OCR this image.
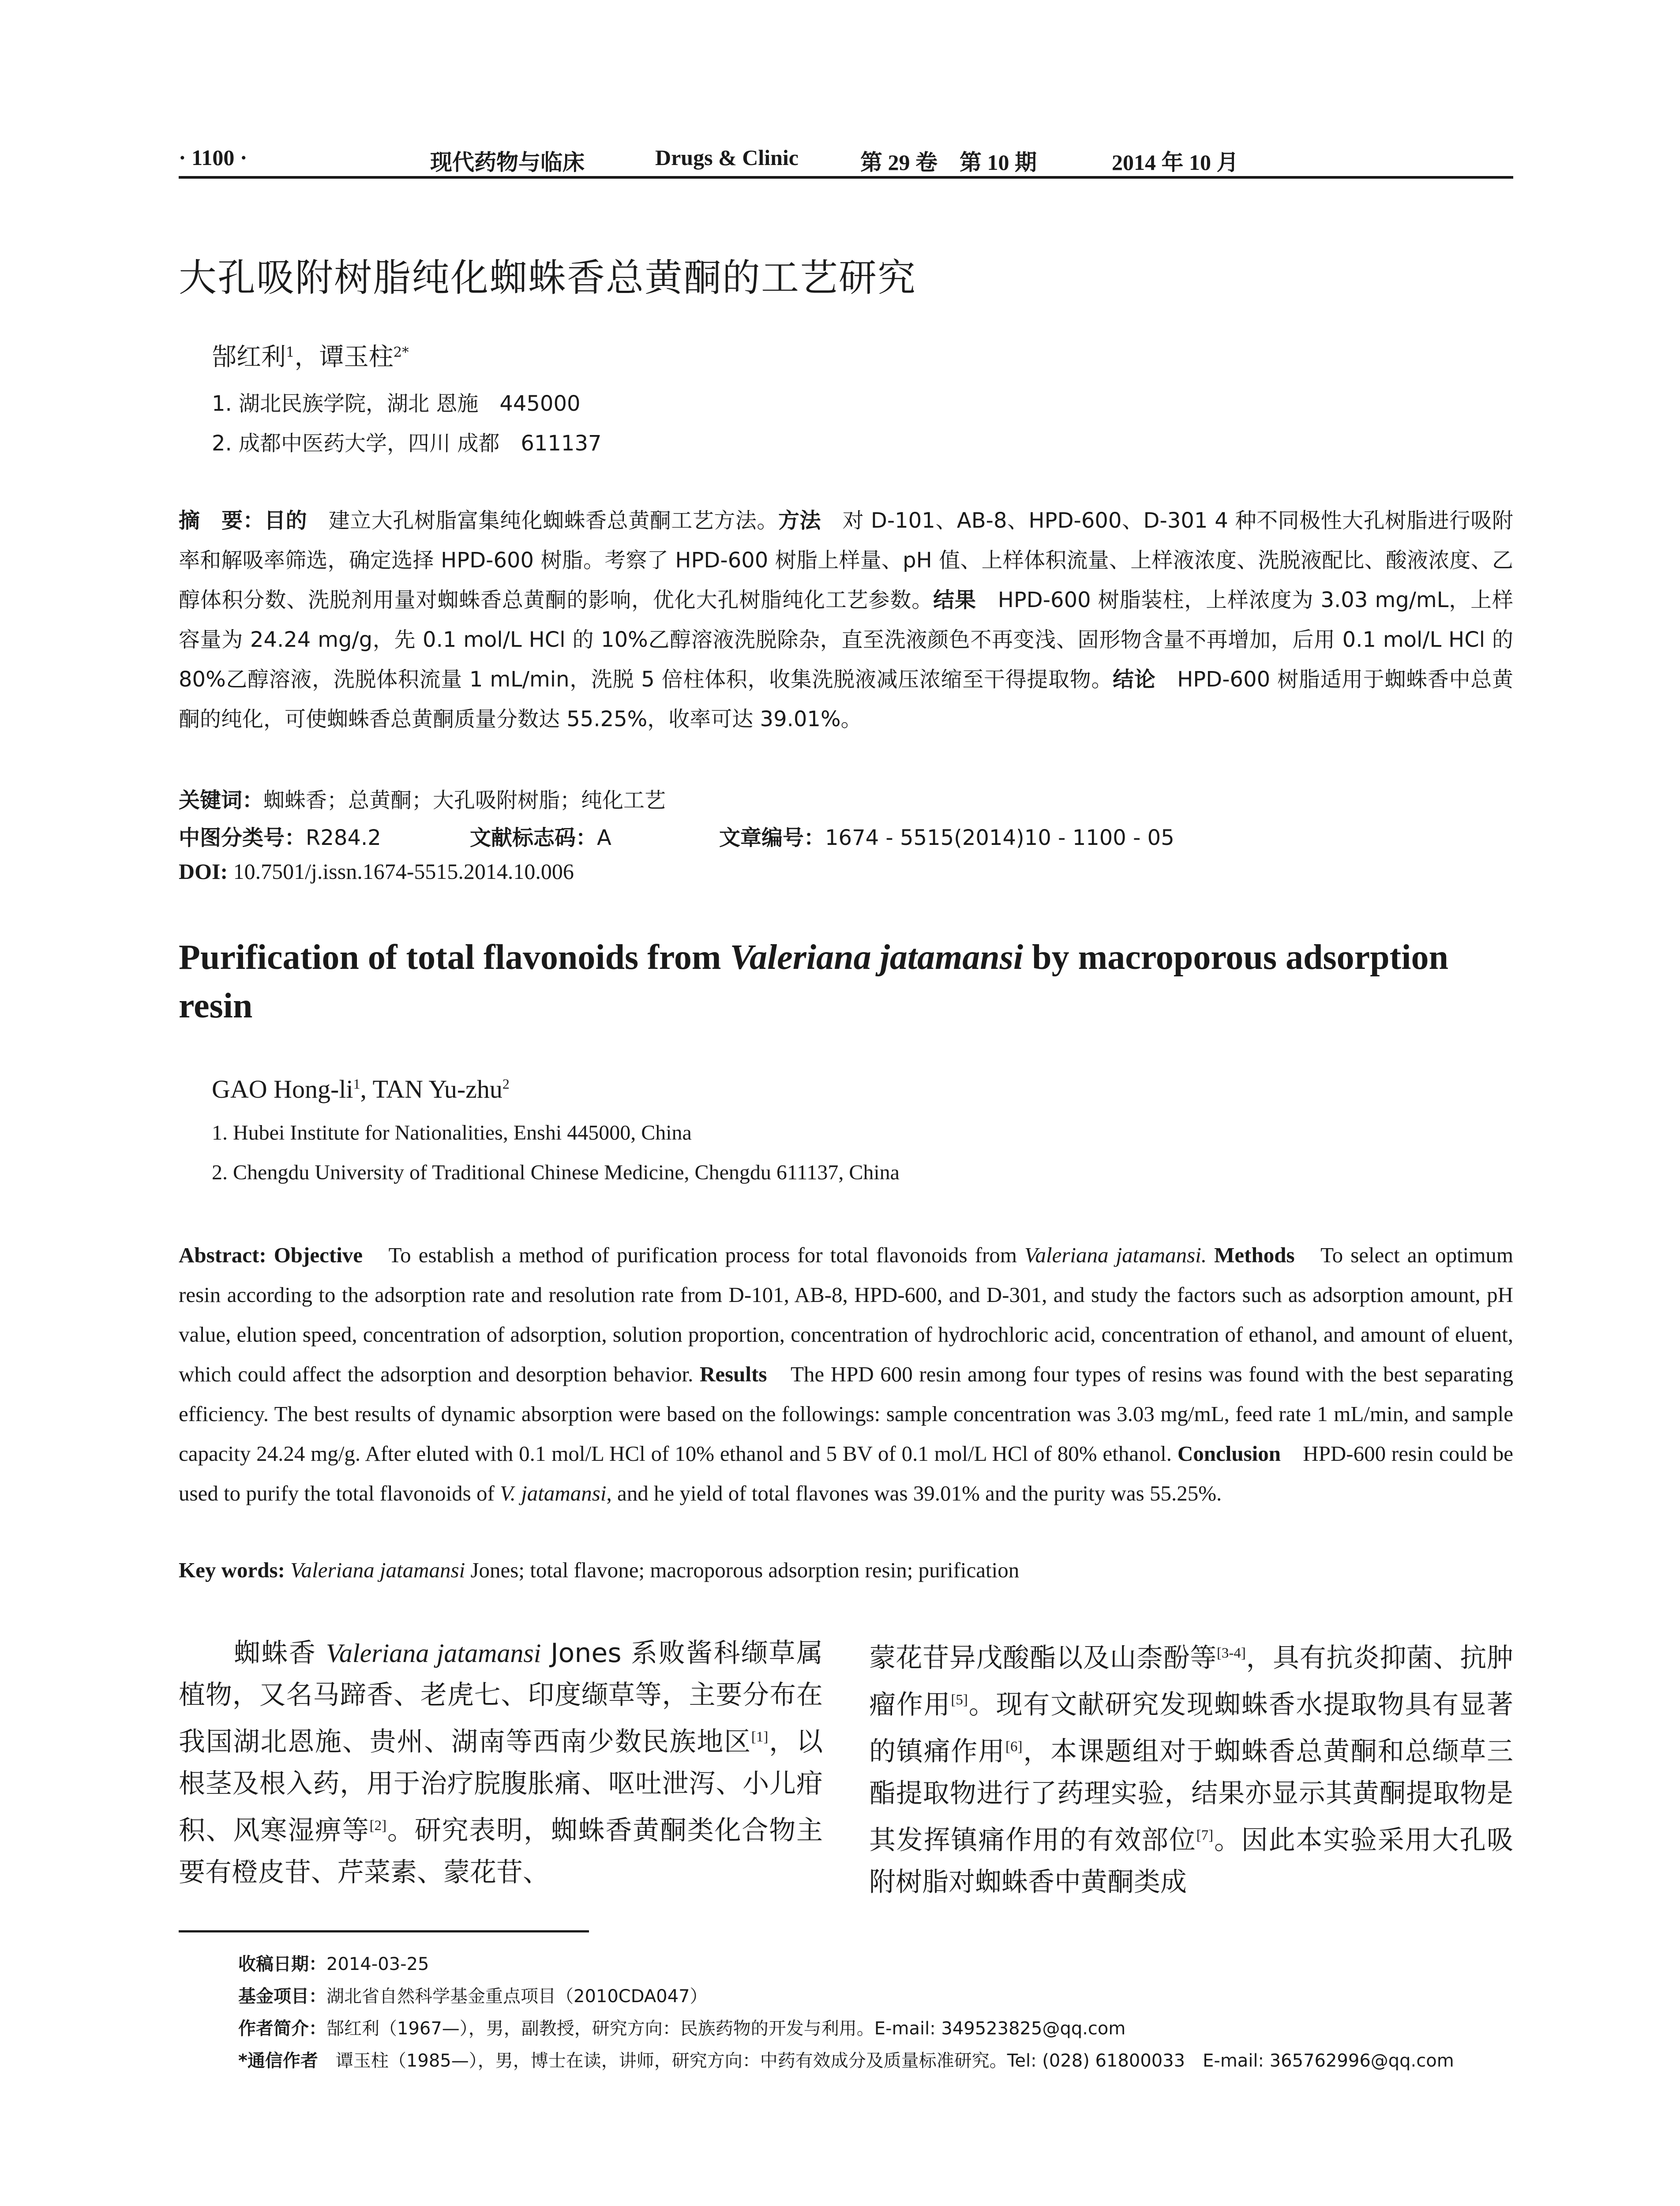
· 1100 ·	现代药物与临床	Drugs & Clinic	第 29 卷　第 10 期	2014 年 10 月
大孔吸附树脂纯化蜘蛛香总黄酮的工艺研究
郜红利$^1$，谭玉柱$^{2*}$
1. 湖北民族学院，湖北 恩施　445000
2. 成都中医药大学，四川 成都　611137
摘　要：目的　建立大孔树脂富集纯化蜘蛛香总黄酮工艺方法。方法　对 D-101、AB-8、HPD-600、D-301 4 种不同极性大孔树脂进行吸附率和解吸率筛选，确定选择 HPD-600 树脂。考察了 HPD-600 树脂上样量、pH 值、上样体积流量、上样液浓度、洗脱液配比、酸液浓度、乙醇体积分数、洗脱剂用量对蜘蛛香总黄酮的影响，优化大孔树脂纯化工艺参数。结果　HPD-600 树脂装柱，上样浓度为 3.03 mg/mL，上样容量为 24.24 mg/g，先 0.1 mol/L HCl 的 10%乙醇溶液洗脱除杂，直至洗液颜色不再变浅、固形物含量不再增加，后用 0.1 mol/L HCl 的 80%乙醇溶液，洗脱体积流量 1 mL/min，洗脱 5 倍柱体积，收集洗脱液减压浓缩至干得提取物。结论　HPD-600 树脂适用于蜘蛛香中总黄酮的纯化，可使蜘蛛香总黄酮质量分数达 55.25%，收率可达 39.01%。
关键词：蜘蛛香；总黄酮；大孔吸附树脂；纯化工艺
中图分类号：R284.2	文献标志码：A	文章编号：1674 - 5515(2014)10 - 1100 - 05
DOI: 10.7501/j.issn.1674-5515.2014.10.006
Purification of total flavonoids from Valeriana jatamansi by macroporous adsorption resin
GAO Hong-$li^1$, TAN Yu-zhu$^2$
1. Hubei Institute for Nationalities, Enshi 445000, China
2. Chengdu University of Traditional Chinese Medicine, Chengdu 611137, China
Abstract: Objective　To establish a method of purification process for total flavonoids from Valeriana jatamansi. Methods　To select an optimum resin according to the adsorption rate and resolution rate from D-101, AB-8, HPD-600, and D-301, and study the factors such as adsorption amount, pH value, elution speed, concentration of adsorption, solution proportion, concentration of hydrochloric acid, concentration of ethanol, and amount of eluent, which could affect the adsorption and desorption behavior. Results　The HPD 600 resin among four types of resins was found with the best separating efficiency. The best results of dynamic absorption were based on the followings: sample concentration was 3.03 mg/mL, feed rate 1 mL/min, and sample capacity 24.24 mg/g. After eluted with 0.1 mol/L HCl of 10% ethanol and 5 BV of 0.1 mol/L HCl of 80% ethanol. Conclusion　HPD-600 resin could be used to purify the total flavonoids of V. jatamansi, and he yield of total flavones was 39.01% and the purity was 55.25%.
Key words: Valeriana jatamansi Jones; total flavone; macroporous adsorption resin; purification
　　蜘蛛香 Valeriana jatamansi Jones 系败酱科缬草属植物，又名马蹄香、老虎七、印度缬草等，主要分布在我国湖北恩施、贵州、湖南等西南少数民族地区[1]，以根茎及根入药，用于治疗脘腹胀痛、呕吐泄泻、小儿疳积、风寒湿痹等[2]。研究表明，蜘蛛香黄酮类化合物主要有橙皮苷、芹菜素、蒙花苷、
蒙花苷异戊酸酯以及山柰酚等[3-4]，具有抗炎抑菌、抗肿瘤作用[5]。现有文献研究发现蜘蛛香水提取物具有显著的镇痛作用[6]，本课题组对于蜘蛛香总黄酮和总缬草三酯提取物进行了药理实验，结果亦显示其黄酮提取物是其发挥镇痛作用的有效部位[7]。因此本实验采用大孔吸附树脂对蜘蛛香中黄酮类成
收稿日期：2014-03-25
基金项目：湖北省自然科学基金重点项目（2010CDA047）
作者简介：郜红利（1967—），男，副教授，研究方向：民族药物的开发与利用。E-mail: 349523825@qq.com
*通信作者　谭玉柱（1985—），男，博士在读，讲师，研究方向：中药有效成分及质量标准研究。Tel: (028) 61800033　E-mail: 365762996@qq.com
